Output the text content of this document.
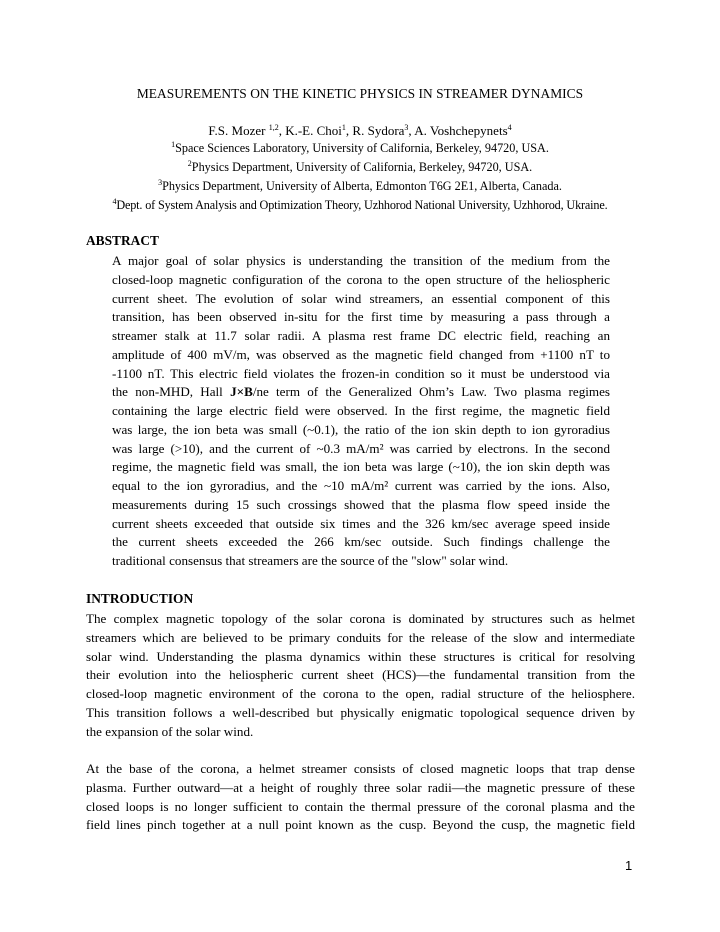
MEASUREMENTS ON THE KINETIC PHYSICS IN STREAMER DYNAMICS
F.S. Mozer $^{1,2}$, K.-E. Choi$^1$, R. Sydora$^3$, A. Voshchepynets$^4$
$^1$Space Sciences Laboratory, University of California, Berkeley, 94720, USA.
$^2$Physics Department, University of California, Berkeley, 94720, USA.
$^3$Physics Department, University of Alberta, Edmonton T6G 2E1, Alberta, Canada.
$^4$Dept. of System Analysis and Optimization Theory, Uzhhorod National University, Uzhhorod, Ukraine.
ABSTRACT
A major goal of solar physics is understanding the transition of the medium from the
closed-loop magnetic configuration of the corona to the open structure of the heliospheric
current sheet. The evolution of solar wind streamers, an essential component of this
transition, has been observed in-situ for the first time by measuring a pass through a
streamer stalk at 11.7 solar radii. A plasma rest frame DC electric field, reaching an
amplitude of 400 mV/m, was observed as the magnetic field changed from +1100 nT to
-1100 nT. This electric field violates the frozen-in condition so it must be understood via
the non-MHD, Hall J×B/ne term of the Generalized Ohm’s Law. Two plasma regimes
containing the large electric field were observed. In the first regime, the magnetic field
was large, the ion beta was small (~0.1), the ratio of the ion skin depth to ion gyroradius
was large (>10), and the current of ~0.3 mA/m² was carried by electrons. In the second
regime, the magnetic field was small, the ion beta was large (~10), the ion skin depth was
equal to the ion gyroradius, and the ~10 mA/m² current was carried by the ions. Also,
measurements during 15 such crossings showed that the plasma flow speed inside the
current sheets exceeded that outside six times and the 326 km/sec average speed inside
the current sheets exceeded the 266 km/sec outside. Such findings challenge the
traditional consensus that streamers are the source of the "slow" solar wind.
INTRODUCTION
The complex magnetic topology of the solar corona is dominated by structures such as helmet
streamers which are believed to be primary conduits for the release of the slow and intermediate
solar wind. Understanding the plasma dynamics within these structures is critical for resolving
their evolution into the heliospheric current sheet (HCS)—the fundamental transition from the
closed-loop magnetic environment of the corona to the open, radial structure of the heliosphere.
This transition follows a well-described but physically enigmatic topological sequence driven by
the expansion of the solar wind.
At the base of the corona, a helmet streamer consists of closed magnetic loops that trap dense
plasma. Further outward—at a height of roughly three solar radii—the magnetic pressure of these
closed loops is no longer sufficient to contain the thermal pressure of the coronal plasma and the
field lines pinch together at a null point known as the cusp. Beyond the cusp, the magnetic field
1
